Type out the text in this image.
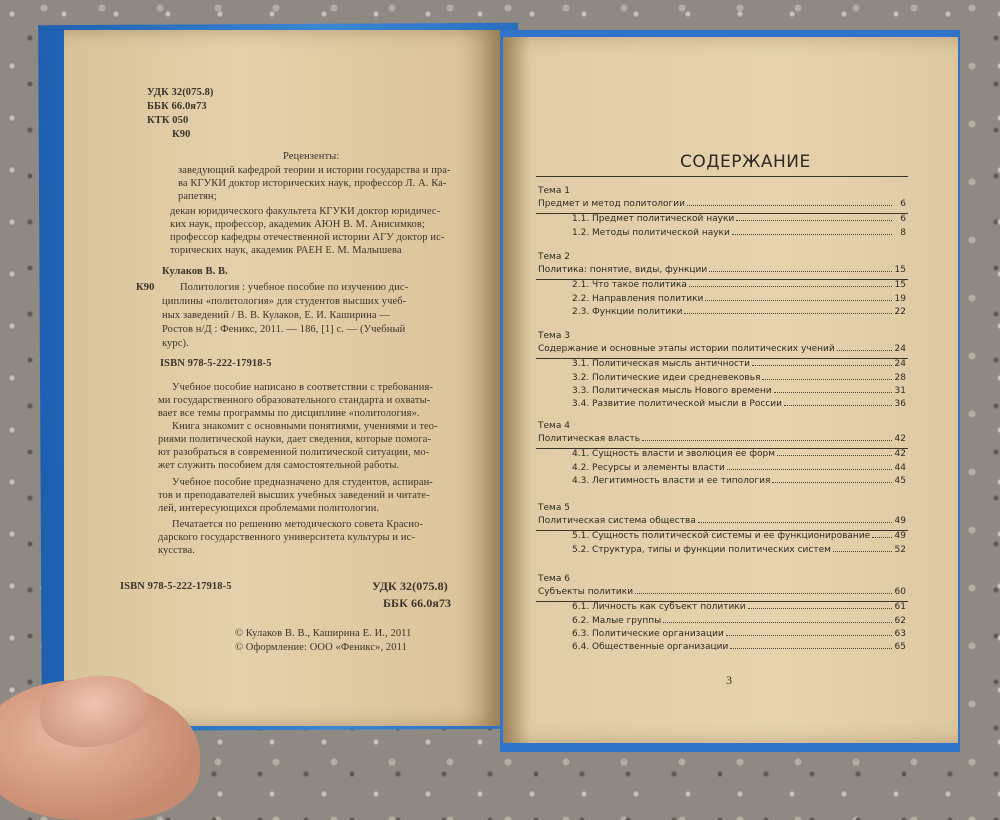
УДК 32(075.8)
ББК 66.0я73
КТК 050
К90
Рецензенты:
заведующий кафедрой теории и истории государства и пра-
ва КГУКИ доктор исторических наук, профессор Л. А. Ка-
рапетян;
декан юридического факультета КГУКИ доктор юридичес-
ких наук, профессор, академик АЮН В. М. Анисимков;
профессор кафедры отечественной истории АГУ доктор ис-
торических наук, академик РАЕН Е. М. Малышева
Кулаков В. В.
К90 Политология : учебное пособие по изучению дис-
циплины «политология» для студентов высших учеб-
ных заведений / В. В. Кулаков, Е. И. Каширина —
Ростов н/Д : Феникс, 2011. — 186, [1] с. — (Учебный
курс).
ISBN 978-5-222-17918-5
Учебное пособие написано в соответствии с требования-
ми государственного образовательного стандарта и охваты-
вает все темы программы по дисциплине «политология».
Книга знакомит с основными понятиями, учениями и тео-
риями политической науки, дает сведения, которые помога-
ют разобраться в современной политической ситуации, мо-
жет служить пособием для самостоятельной работы.
Учебное пособие предназначено для студентов, аспиран-
тов и преподавателей высших учебных заведений и читате-
лей, интересующихся проблемами политологии.
Печатается по решению методического совета Красно-
дарского государственного университета культуры и ис-
кусства.
ISBN 978-5-222-17918-5	УДК 32(075.8)
ББК 66.0я73
© Кулаков В. В., Каширина Е. И., 2011
© Оформление: ООО «Феникс», 2011
СОДЕРЖАНИЕ
Тема 1
Предмет и метод политологии	6
1.1. Предмет политической науки	6
1.2. Методы политической науки	8
Тема 2
Политика: понятие, виды, функции	15
2.1. Что такое политика	15
2.2. Направления политики	19
2.3. Функции политики	22
Тема 3
Содержание и основные этапы истории политических учений	24
3.1. Политическая мысль античности	24
3.2. Политические идеи средневековья	28
3.3. Политическая мысль Нового времени	31
3.4. Развитие политической мысли в России	36
Тема 4
Политическая власть	42
4.1. Сущность власти и эволюция ее форм	42
4.2. Ресурсы и элементы власти	44
4.3. Легитимность власти и ее типология	45
Тема 5
Политическая система общества	49
5.1. Сущность политической системы и ее функционирование	49
5.2. Структура, типы и функции политических систем	52
Тема 6
Субъекты политики	60
6.1. Личность как субъект политики	61
6.2. Малые группы	62
6.3. Политические организации	63
6.4. Общественные организации	65
3
